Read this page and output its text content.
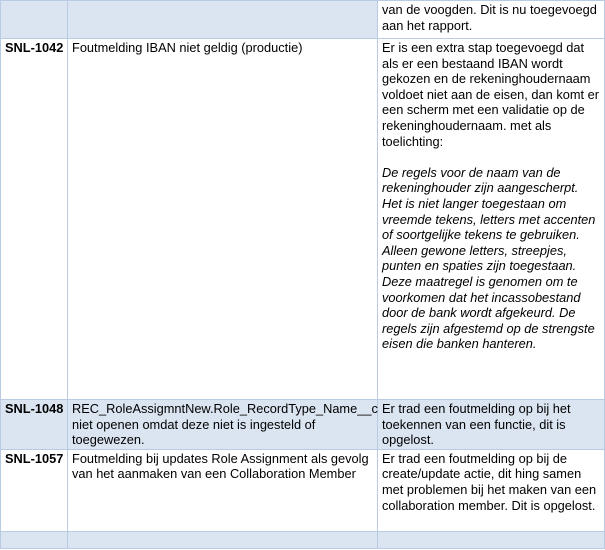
		van de voogden. Dit is nu toegevoegd aan het rapport.

SNL-1042	Foutmelding IBAN niet geldig (productie)	Er is een extra stap toegevoegd dat als er een bestaand IBAN wordt gekozen en de rekeninghoudernaam voldoet niet aan de eisen, dan komt er een scherm met een validatie op de rekeninghoudernaam. met als toelichting:

De regels voor de naam van de rekeninghouder zijn aangescherpt. Het is niet langer toegestaan om vreemde tekens, letters met accenten of soortgelijke tekens te gebruiken. Alleen gewone letters, streepjes, punten en spaties zijn toegestaan.

Deze maatregel is genomen om te voorkomen dat het incassobestand door de bank wordt afgekeurd. De regels zijn afgestemd op de strengste eisen die banken hanteren.

SNL-1048	REC_RoleAssigmntNew.Role_RecordType_Name__c niet openen omdat deze niet is ingesteld of toegewezen.	Er trad een foutmelding op bij het toekennen van een functie, dit is opgelost.

SNL-1057	Foutmelding bij updates Role Assignment als gevolg van het aanmaken van een Collaboration Member	Er trad een foutmelding op bij de create/update actie, dit hing samen met problemen bij het maken van een collaboration member. Dit is opgelost.
